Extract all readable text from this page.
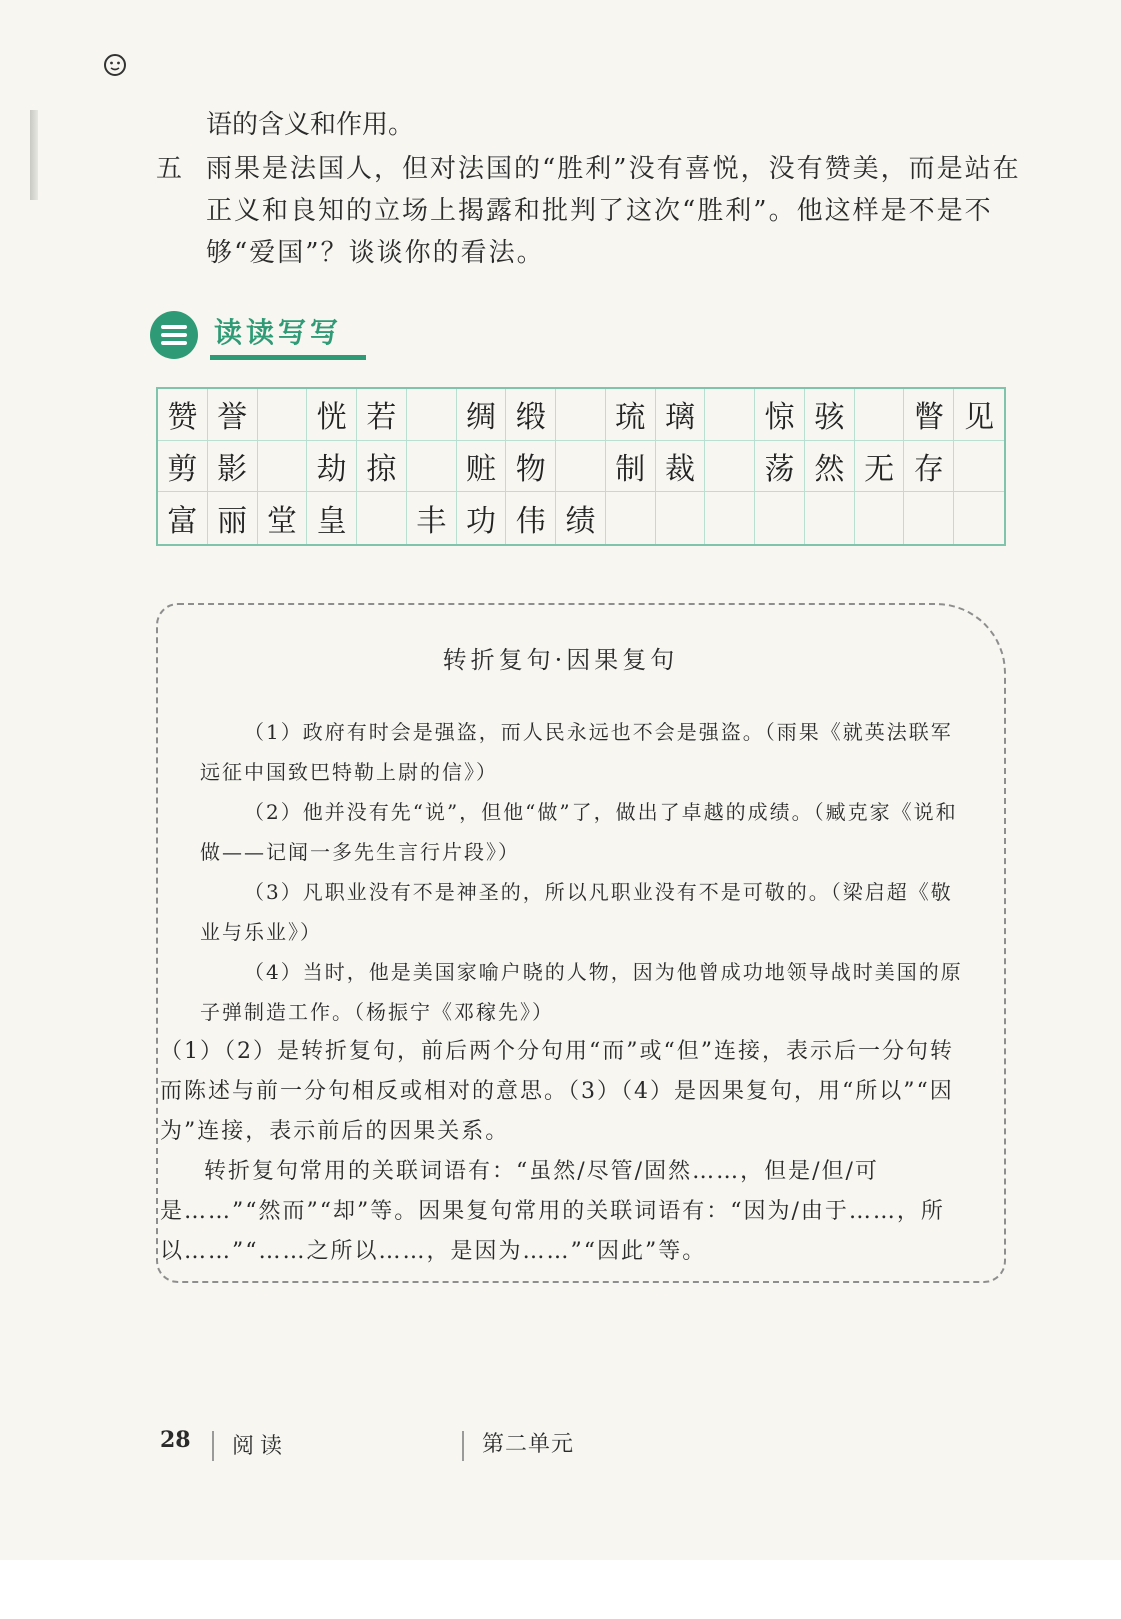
语的含义和作用。
五 雨果是法国人，但对法国的“胜利”没有喜悦，没有赞美，而是站在正义和良知的立场上揭露和批判了这次“胜利”。他这样是不是不够“爱国”？谈谈你的看法。
读读写写
赞 誉	恍 若	绸 缎	琉 璃	惊 骇	瞥 见
剪 影	劫 掠	赃 物	制 裁	荡 然 无 存
富 丽 堂 皇	丰 功 伟 绩
转折复句·因果复句

（1）政府有时会是强盗，而人民永远也不会是强盗。（雨果《就英法联军远征中国致巴特勒上尉的信》）

（2）他并没有先“说”，但他“做”了，做出了卓越的成绩。（臧克家《说和做——记闻一多先生言行片段》）

（3）凡职业没有不是神圣的，所以凡职业没有不是可敬的。（梁启超《敬业与乐业》）

（4）当时，他是美国家喻户晓的人物，因为他曾成功地领导战时美国的原子弹制造工作。（杨振宁《邓稼先》）

（1）（2）是转折复句，前后两个分句用“而”或“但”连接，表示后一分句转而陈述与前一分句相反或相对的意思。（3）（4）是因果复句，用“所以”“因为”连接，表示前后的因果关系。

转折复句常用的关联词语有：“虽然/尽管/固然……，但是/但/可是……”“然而”“却”等。因果复句常用的关联词语有：“因为/由于……，所以……”“……之所以……，是因为……”“因此”等。

28 阅读	第二单元
